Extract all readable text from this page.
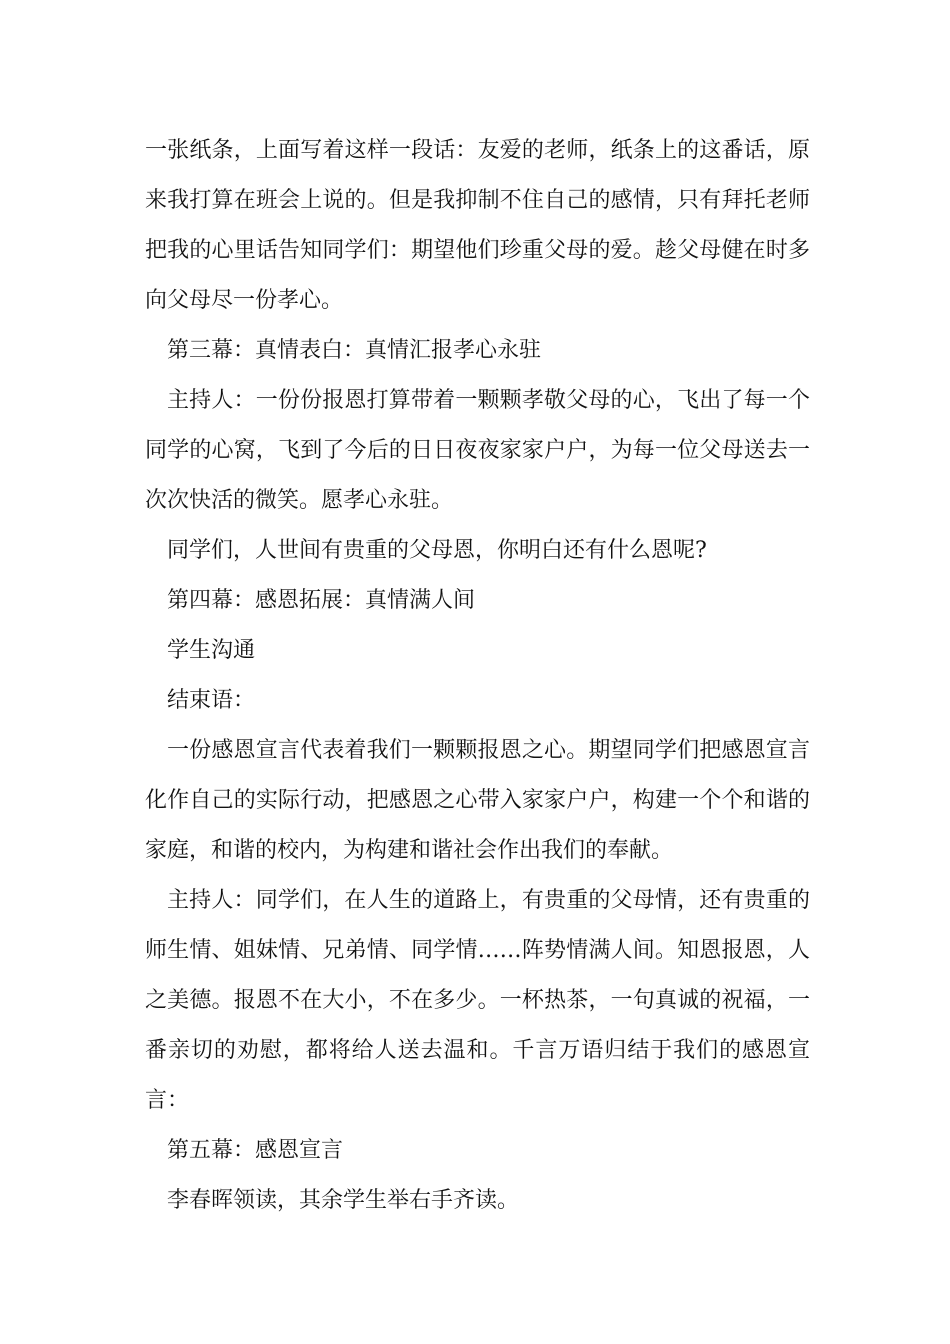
一张纸条，上面写着这样一段话：友爱的老师，纸条上的这番话，原来我打算在班会上说的。但是我抑制不住自己的感情，只有拜托老师把我的心里话告知同学们：期望他们珍重父母的爱。趁父母健在时多向父母尽一份孝心。

第三幕：真情表白：真情汇报孝心永驻

主持人：一份份报恩打算带着一颗颗孝敬父母的心，飞出了每一个同学的心窝，飞到了今后的日日夜夜家家户户，为每一位父母送去一次次快活的微笑。愿孝心永驻。

同学们，人世间有贵重的父母恩，你明白还有什么恩呢?

第四幕：感恩拓展：真情满人间

学生沟通

结束语：

一份感恩宣言代表着我们一颗颗报恩之心。期望同学们把感恩宣言化作自己的实际行动，把感恩之心带入家家户户，构建一个个和谐的家庭，和谐的校内，为构建和谐社会作出我们的奉献。

主持人：同学们，在人生的道路上，有贵重的父母情，还有贵重的师生情、姐妹情、兄弟情、同学情……阵势情满人间。知恩报恩，人之美德。报恩不在大小，不在多少。一杯热茶，一句真诚的祝福，一番亲切的劝慰，都将给人送去温和。千言万语归结于我们的感恩宣言：

第五幕：感恩宣言

李春晖领读，其余学生举右手齐读。
